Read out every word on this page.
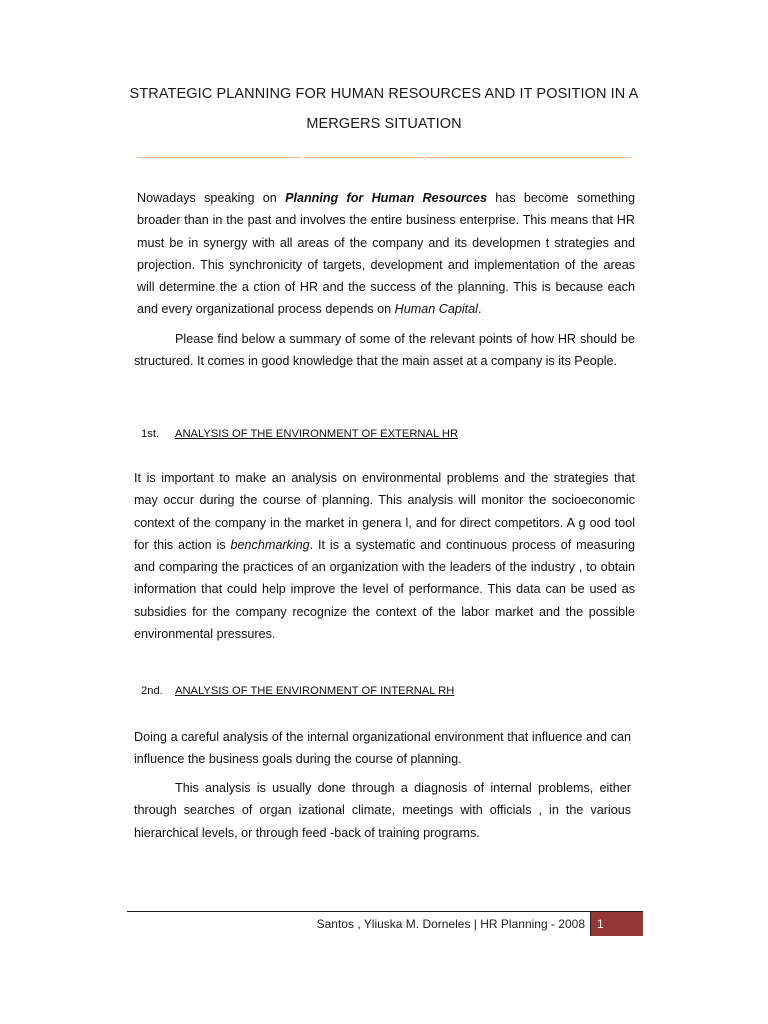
STRATEGIC PLANNING FOR HUMAN RESOURCES AND IT POSITION IN A
MERGERS SITUATION

Nowadays speaking on Planning for Human Resources has become something broader than in the past and involves the entire business enterprise. This means that HR must be in synergy with all areas of the company and its developmen t strategies and projection. This synchronicity of targets, development and implementation of the areas will determine the a ction of HR and the success of the planning. This is because each and every organizational process depends on Human Capital.

Please find below a summary of some of the relevant points of how HR should be structured. It comes in good knowledge that the main asset at a company is its People.

1st. ANALYSIS OF THE ENVIRONMENT OF EXTERNAL HR

It is important to make an analysis on environmental problems and the strategies that may occur during the course of planning. This analysis will monitor the socioeconomic context of the company in the market in genera l, and for direct competitors. A g ood tool for this action is benchmarking. It is a systematic and continuous process of measuring and comparing the practices of an organization with the leaders of the industry , to obtain information that could help improve the level of performance. This data can be used as subsidies for the company recognize the context of the labor market and the possible environmental pressures.

2nd. ANALYSIS OF THE ENVIRONMENT OF INTERNAL RH

Doing a careful analysis of the internal organizational environment that influence and can influence the business goals during the course of planning.

This analysis is usually done through a diagnosis of internal problems, either through searches of organ izational climate, meetings with officials , in the various hierarchical levels, or through feed -back of training programs.

Santos , Yliuska M. Dorneles | HR Planning - 2008 1
